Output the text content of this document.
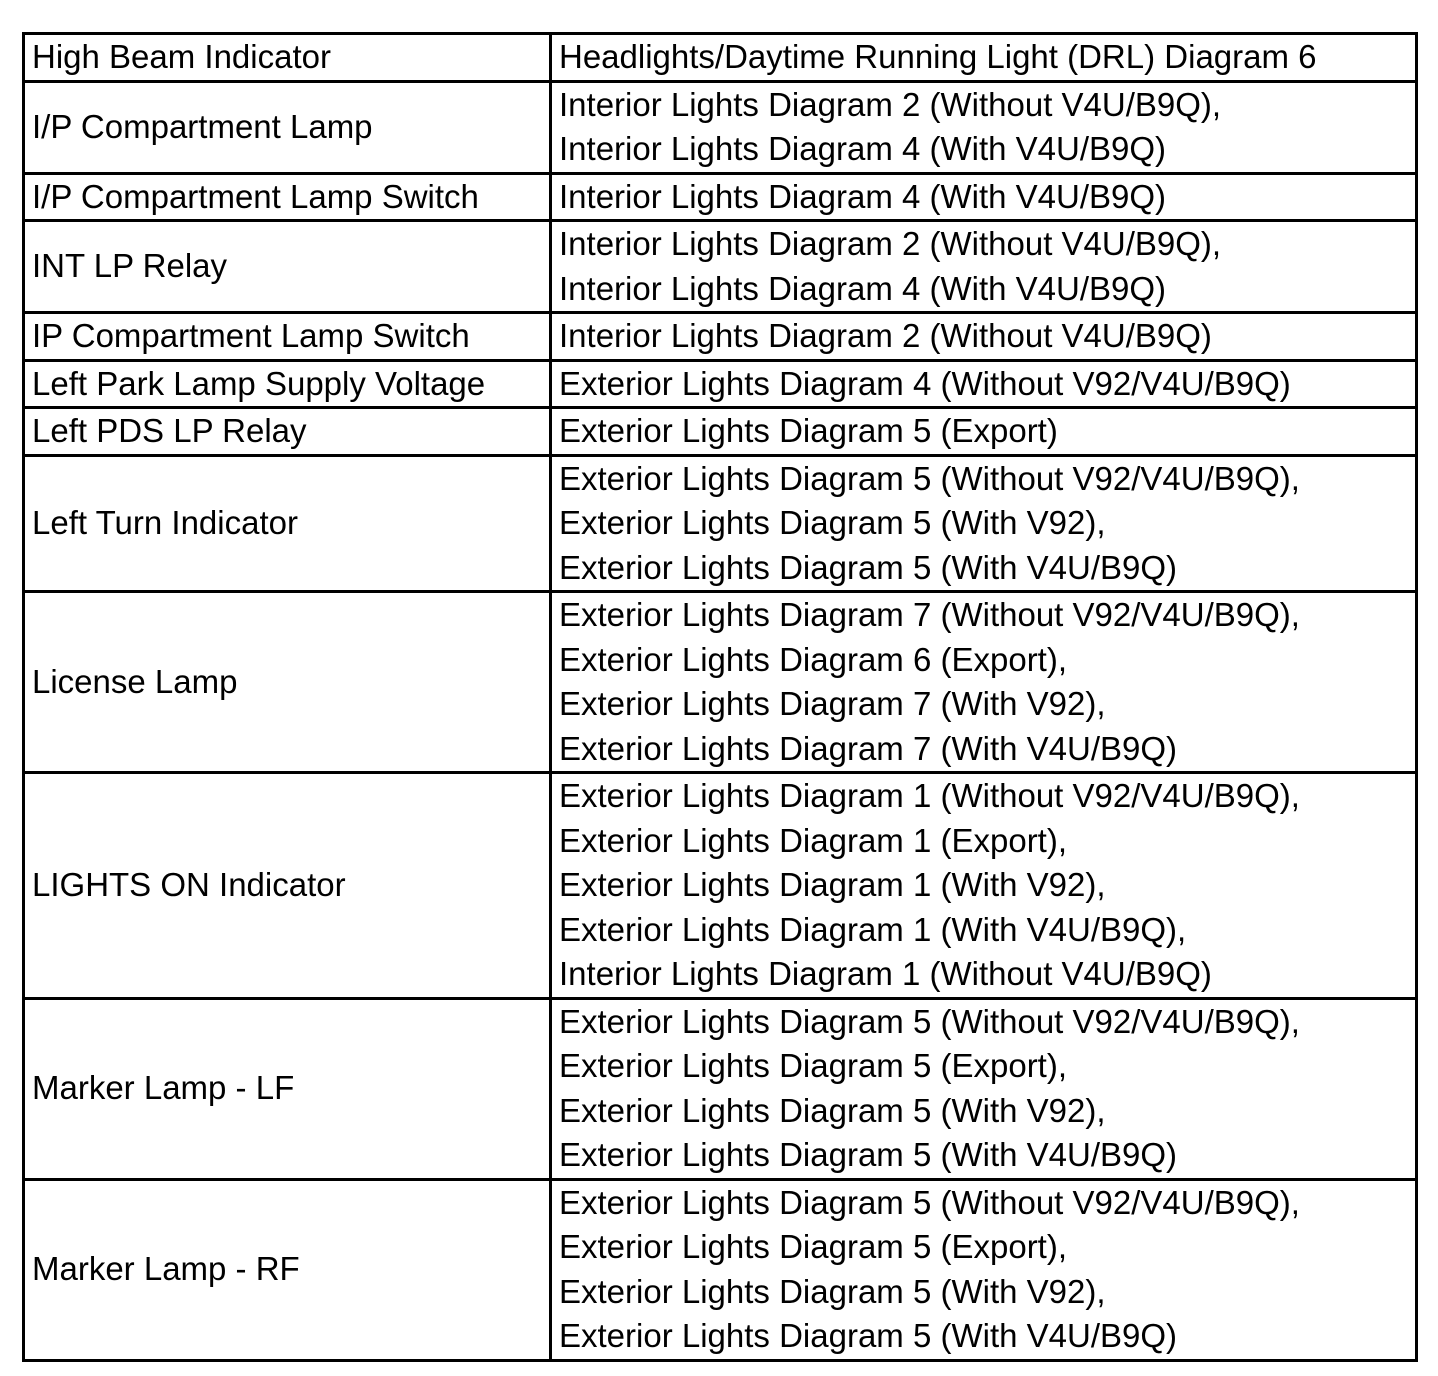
High Beam Indicator	Headlights/Daytime Running Light (DRL) Diagram 6

I/P Compartment Lamp	Interior Lights Diagram 2 (Without V4U/B9Q),
Interior Lights Diagram 4 (With V4U/B9Q)

I/P Compartment Lamp Switch	Interior Lights Diagram 4 (With V4U/B9Q)

INT LP Relay	Interior Lights Diagram 2 (Without V4U/B9Q),
Interior Lights Diagram 4 (With V4U/B9Q)

IP Compartment Lamp Switch	Interior Lights Diagram 2 (Without V4U/B9Q)

Left Park Lamp Supply Voltage	Exterior Lights Diagram 4 (Without V92/V4U/B9Q)

Left PDS LP Relay	Exterior Lights Diagram 5 (Export)

Left Turn Indicator	Exterior Lights Diagram 5 (Without V92/V4U/B9Q),
Exterior Lights Diagram 5 (With V92),
Exterior Lights Diagram 5 (With V4U/B9Q)

License Lamp	Exterior Lights Diagram 7 (Without V92/V4U/B9Q),
Exterior Lights Diagram 6 (Export),
Exterior Lights Diagram 7 (With V92),
Exterior Lights Diagram 7 (With V4U/B9Q)

LIGHTS ON Indicator	Exterior Lights Diagram 1 (Without V92/V4U/B9Q),
Exterior Lights Diagram 1 (Export),
Exterior Lights Diagram 1 (With V92),
Exterior Lights Diagram 1 (With V4U/B9Q),
Interior Lights Diagram 1 (Without V4U/B9Q)

Marker Lamp - LF	Exterior Lights Diagram 5 (Without V92/V4U/B9Q),
Exterior Lights Diagram 5 (Export),
Exterior Lights Diagram 5 (With V92),
Exterior Lights Diagram 5 (With V4U/B9Q)

Marker Lamp - RF	Exterior Lights Diagram 5 (Without V92/V4U/B9Q),
Exterior Lights Diagram 5 (Export),
Exterior Lights Diagram 5 (With V92),
Exterior Lights Diagram 5 (With V4U/B9Q)
